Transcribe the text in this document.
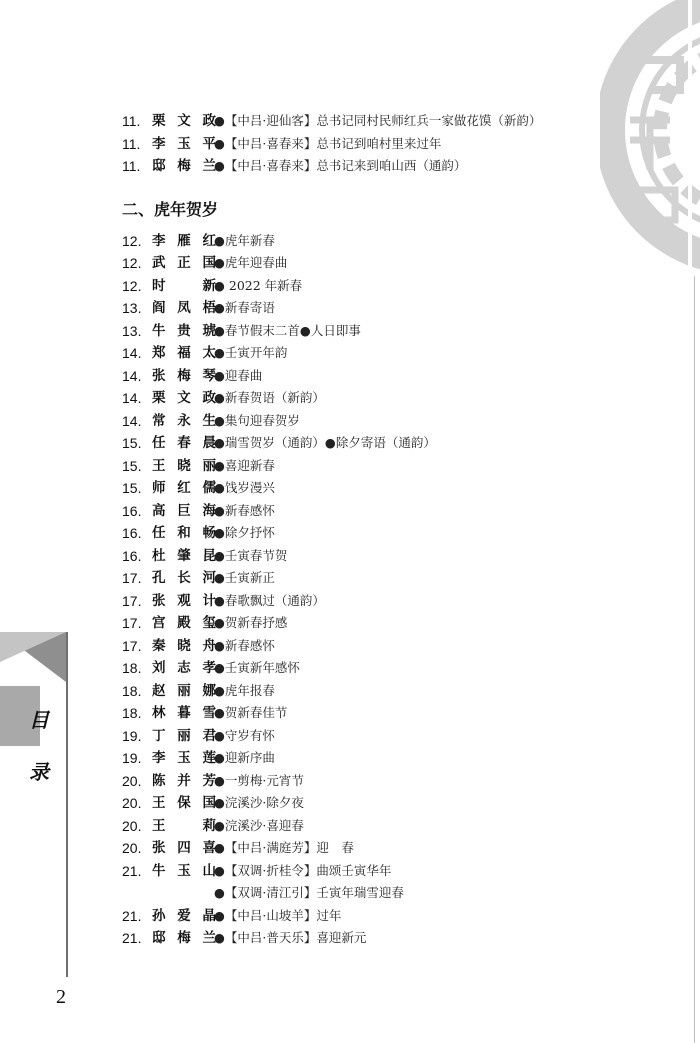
目
录
11. 栗文政
●【中吕·迎仙客】总书记同村民师红兵一家做花馍（新韵）
11. 李玉平
●【中吕·喜春来】总书记到咱村里来过年
11. 邸梅兰
●【中吕·喜春来】总书记来到咱山西（通韵）
二、虎年贺岁
12. 李雁红
●虎年新春
12. 武正国
●虎年迎春曲
12. 时　新
● 2022 年新春
13. 阎凤梧
●新春寄语
13. 牛贵琥
●春节假末二首●人日即事
14. 郑福太
●壬寅开年韵
14. 张梅琴
●迎春曲
14. 栗文政
●新春贺语（新韵）
14. 常永生
●集句迎春贺岁
15. 任春晨
●瑞雪贺岁（通韵）●除夕寄语（通韵）
15. 王晓丽
●喜迎新春
15. 师红儒
●饯岁漫兴
16. 高巨海
●新春感怀
16. 任和畅
●除夕抒怀
16. 杜肇昆
●壬寅春节贺
17. 孔长河
●壬寅新正
17. 张观计
●春歌飘过（通韵）
17. 宫殿玺
●贺新春抒感
17. 秦晓舟
●新春感怀
18. 刘志孝
●壬寅新年感怀
18. 赵丽娜
●虎年报春
18. 林暮雪
●贺新春佳节
19. 丁丽君
●守岁有怀
19. 李玉莲
●迎新序曲
20. 陈并芳
●一剪梅·元宵节
20. 王保国
●浣溪沙·除夕夜
20. 王　莉
●浣溪沙·喜迎春
20. 张四喜
●【中吕·满庭芳】迎　春
21. 牛玉山
●【双调·折桂令】曲颂壬寅华年
●【双调·清江引】壬寅年瑞雪迎春
21. 孙爱晶
●【中吕·山坡羊】过年
21. 邸梅兰
●【中吕·普天乐】喜迎新元
2
